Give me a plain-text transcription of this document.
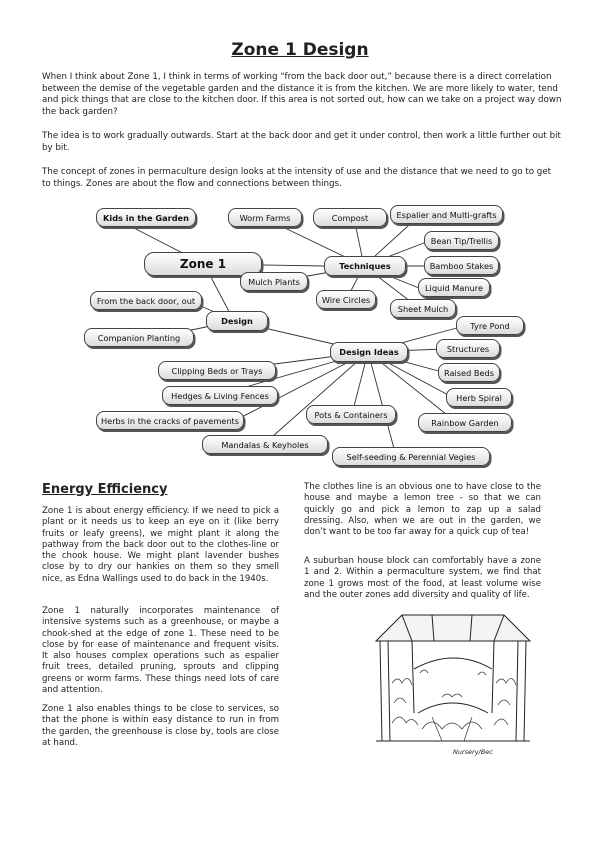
Zone 1 Design

When I think about Zone 1, I think in terms of working “from the back door out,” because there is a direct correlation between the demise of the vegetable garden and the distance it is from the kitchen. We are more likely to water, tend and pick things that are close to the kitchen door. If this area is not sorted out, how can we take on a project way down the back garden?

The idea is to work gradually outwards. Start at the back door and get it under control, then work a little further out bit by bit.

The concept of zones in permaculture design looks at the intensity of use and the distance that we need to go to get to things. Zones are about the flow and connections between things.

Kids in the Garden	Worm Farms	Compost	Espalier and Multi-grafts
Bean Tip/Trellis
Zone 1	Techniques	Bamboo Stakes
Mulch Plants
Liquid Manure
From the back door, out	Wire Circles
Sheet Mulch
Design	Tyre Pond
Companion Planting
Structures
Design Ideas
Clipping Beds or Trays	Raised Beds
Hedges & Living Fences	Herb Spiral
Pots & Containers
Herbs in the cracks of pavements	Rainbow Garden
Mandalas & Keyholes
Self-seeding & Perennial Vegies
Energy Efficiency

Zone 1 is about energy efficiency. If we need to pick a plant or it needs us to keep an eye on it (like berry fruits or leafy greens), we might plant it along the pathway from the back door out to the clothes-line or the chook house. We might plant lavender bushes close by to dry our hankies on them so they smell nice, as Edna Wallings used to do back in the 1940s.

Zone 1 naturally incorporates maintenance of intensive systems such as a greenhouse, or maybe a chook-shed at the edge of zone 1. These need to be close by for ease of maintenance and frequent visits. It also houses complex operations such as espalier fruit trees, detailed pruning, sprouts and clipping greens or worm farms. These things need lots of care and attention.

Zone 1 also enables things to be close to services, so that the phone is within easy distance to run in from the garden, the greenhouse is close by, tools are close at hand.

The clothes line is an obvious one to have close to the house and maybe a lemon tree - so that we can quickly go and pick a lemon to zap up a salad dressing. Also, when we are out in the garden, we don’t want to be too far away for a quick cup of tea!

A suburban house block can comfortably have a zone 1 and 2. Within a permaculture system, we find that zone 1 grows most of the food, at least volume wise and the outer zones add diversity and quality of life.

Nursery/Bec
